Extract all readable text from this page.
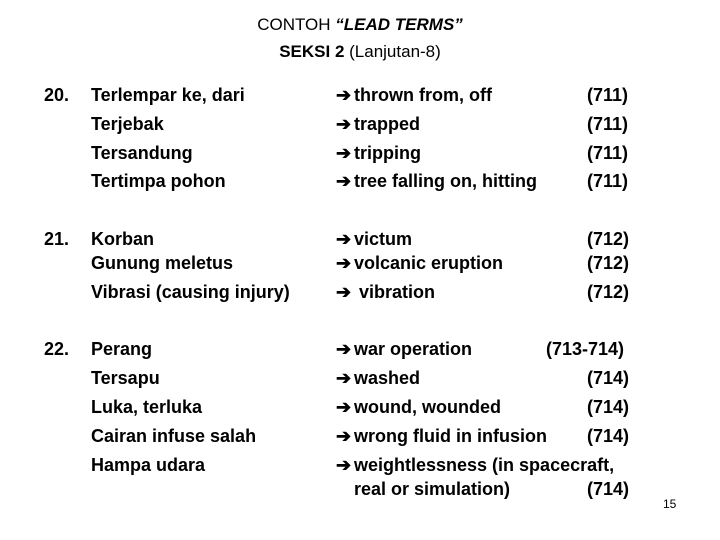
CONTOH “LEAD TERMS”
SEKSI 2 (Lanjutan-8)
20. Terlempar ke, dari	➔ thrown from, off	(711)
Terjebak	➔ trapped	(711)
Tersandung	➔ tripping	(711)
Tertimpa pohon	➔ tree falling on, hitting	(711)
21. Korban	➔ victum	(712)
Gunung meletus	➔ volcanic eruption	(712)
Vibrasi (causing injury)	➔ vibration	(712)
22. Perang	➔ war operation	(713-714)
Tersapu	➔ washed	(714)
Luka, terluka	➔ wound, wounded	(714)
Cairan infuse salah	➔ wrong fluid in infusion (714)
Hampa udara	➔ weightlessness (in spacecraft,
real or simulation)	(714)
15
